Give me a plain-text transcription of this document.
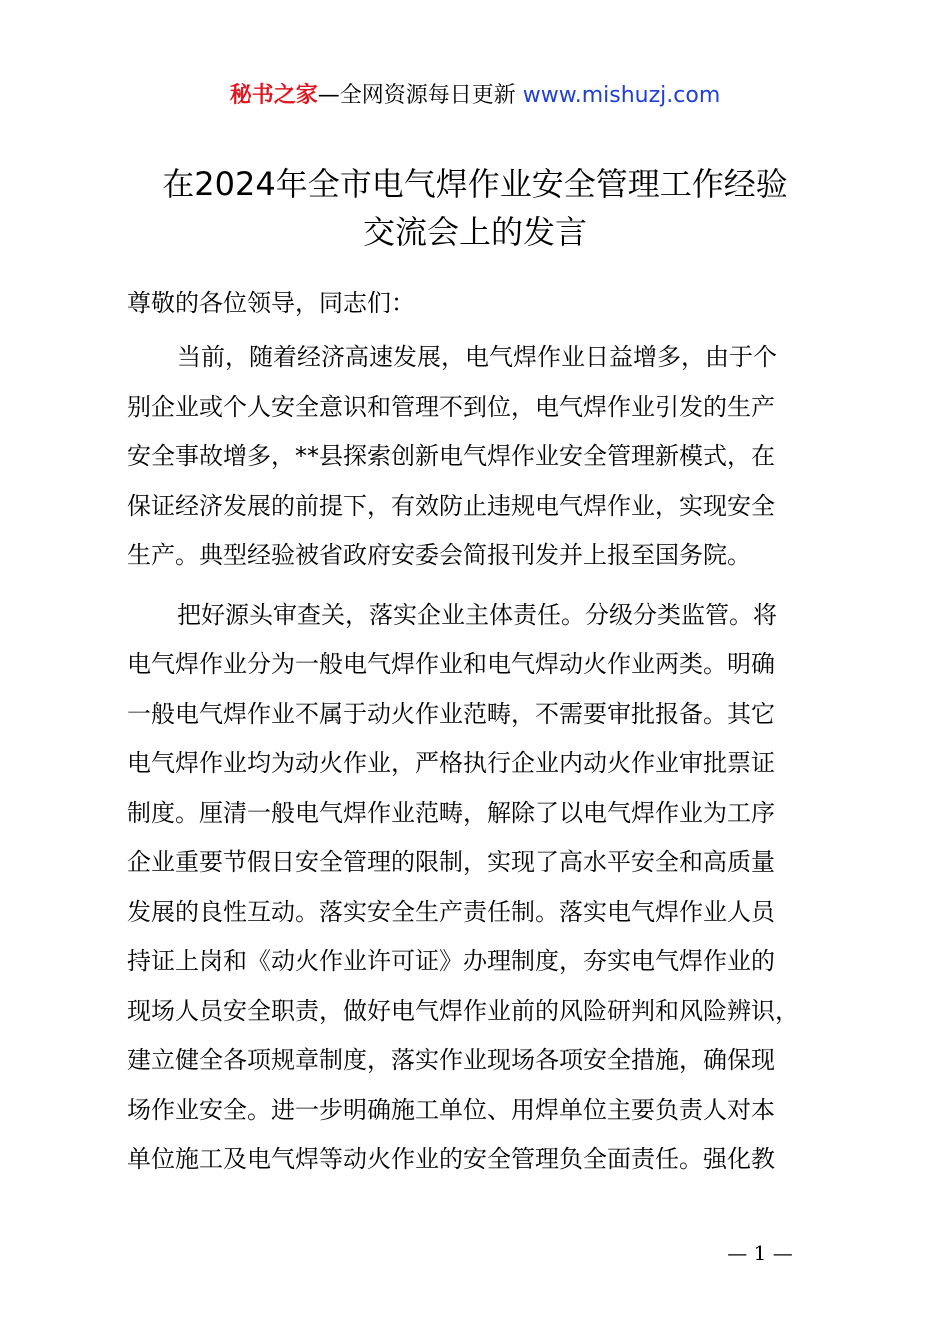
秘书之家—全网资源每日更新 www.mishuzj.com
在2024年全市电气焊作业安全管理工作经验
交流会上的发言
尊敬的各位领导，同志们：
当前，随着经济高速发展，电气焊作业日益增多，由于个
别企业或个人安全意识和管理不到位，电气焊作业引发的生产
安全事故增多，**县探索创新电气焊作业安全管理新模式，在
保证经济发展的前提下，有效防止违规电气焊作业，实现安全
生产。典型经验被省政府安委会简报刊发并上报至国务院。
把好源头审查关，落实企业主体责任。分级分类监管。将
电气焊作业分为一般电气焊作业和电气焊动火作业两类。明确
一般电气焊作业不属于动火作业范畴，不需要审批报备。其它
电气焊作业均为动火作业，严格执行企业内动火作业审批票证
制度。厘清一般电气焊作业范畴，解除了以电气焊作业为工序
企业重要节假日安全管理的限制，实现了高水平安全和高质量
发展的良性互动。落实安全生产责任制。落实电气焊作业人员
持证上岗和《动火作业许可证》办理制度，夯实电气焊作业的
现场人员安全职责，做好电气焊作业前的风险研判和风险辨识，
建立健全各项规章制度，落实作业现场各项安全措施，确保现
场作业安全。进一步明确施工单位、用焊单位主要负责人对本
单位施工及电气焊等动火作业的安全管理负全面责任。强化教
— 1 —
